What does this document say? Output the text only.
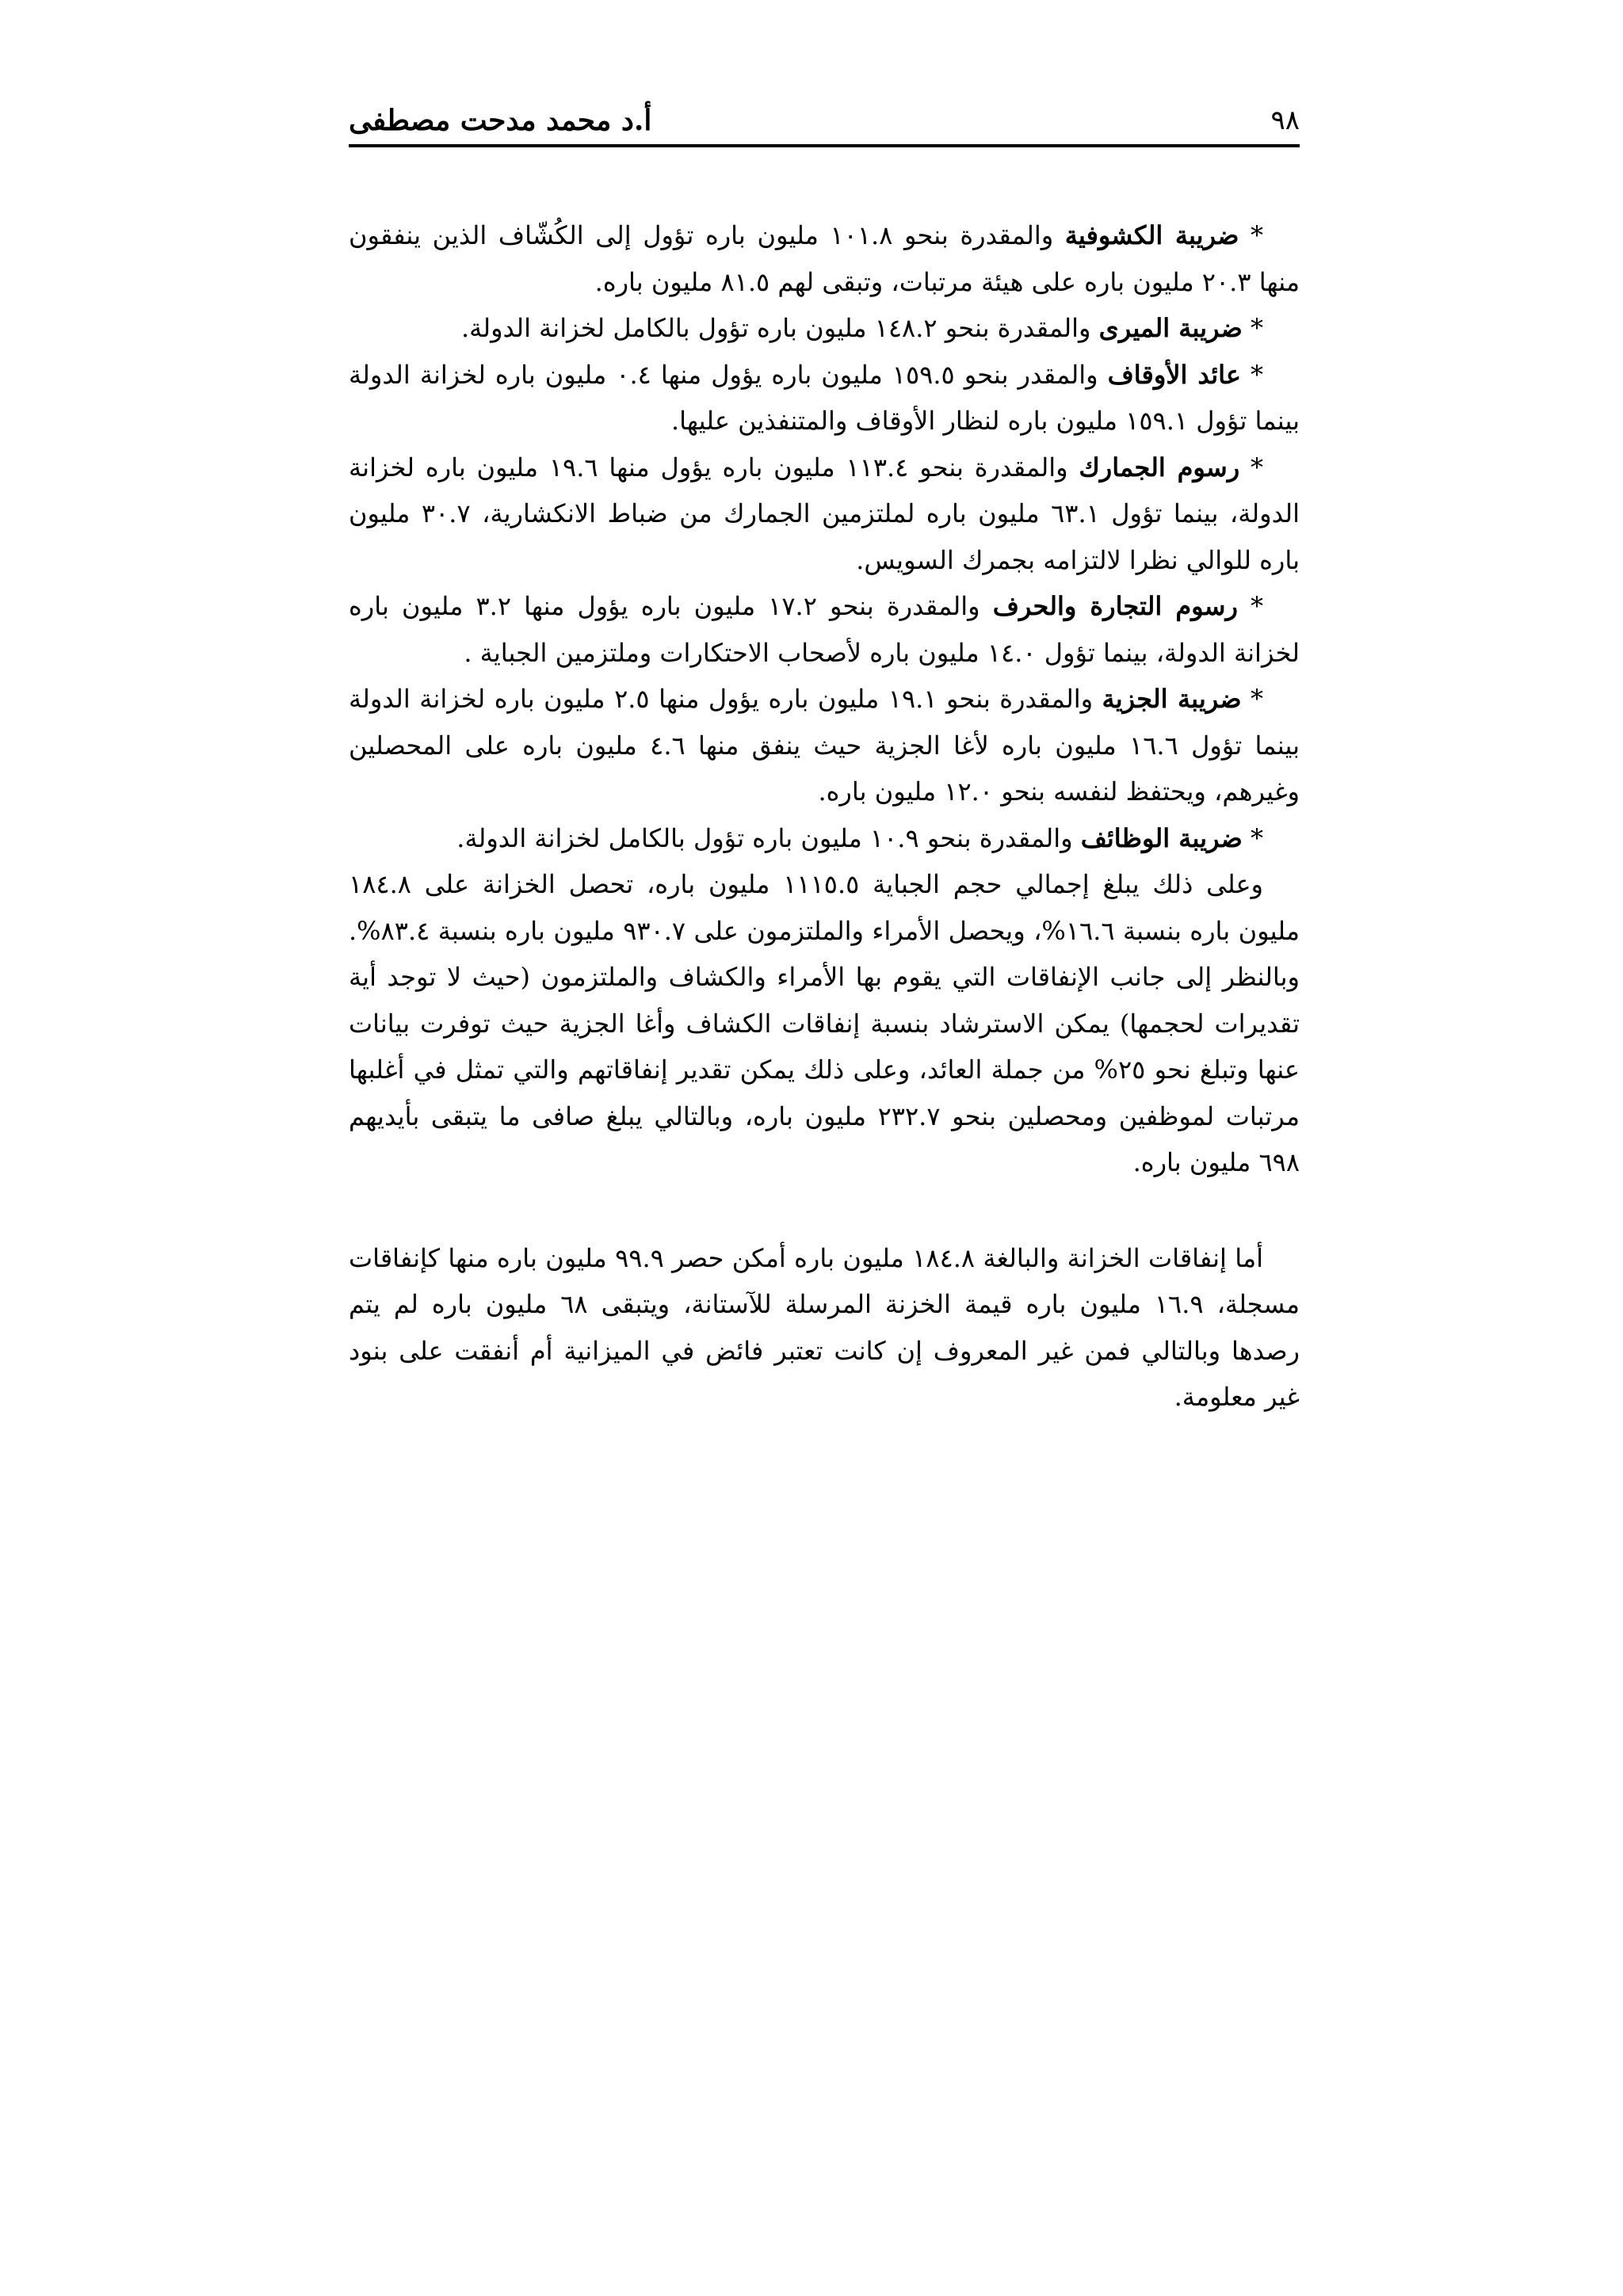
٩٨
أ.د محمد مدحت مصطفى

* ضريبة الكشوفية والمقدرة بنحو ١٠١.٨ مليون باره تؤول إلى الكُشّاف الذين ينفقون منها ٢٠.٣ مليون باره على هيئة مرتبات، وتبقى لهم ٨١.٥ مليون باره.

* ضريبة الميرى والمقدرة بنحو ١٤٨.٢ مليون باره تؤول بالكامل لخزانة الدولة.

* عائد الأوقاف والمقدر بنحو ١٥٩.٥ مليون باره يؤول منها ٠.٤ مليون باره لخزانة الدولة بينما تؤول ١٥٩.١ مليون باره لنظار الأوقاف والمتنفذين عليها.

* رسوم الجمارك والمقدرة بنحو ١١٣.٤ مليون باره يؤول منها ١٩.٦ مليون باره لخزانة الدولة، بينما تؤول ٦٣.١ مليون باره لملتزمين الجمارك من ضباط الانكشارية، ٣٠.٧ مليون باره للوالي نظرا لالتزامه بجمرك السويس.

* رسوم التجارة والحرف والمقدرة بنحو ١٧.٢ مليون باره يؤول منها ٣.٢ مليون باره لخزانة الدولة، بينما تؤول ١٤.٠ مليون باره لأصحاب الاحتكارات وملتزمين الجباية .

* ضريبة الجزية والمقدرة بنحو ١٩.١ مليون باره يؤول منها ٢.٥ مليون باره لخزانة الدولة بينما تؤول ١٦.٦ مليون باره لأغا الجزية حيث ينفق منها ٤.٦ مليون باره على المحصلين وغيرهم، ويحتفظ لنفسه بنحو ١٢.٠ مليون باره.

* ضريبة الوظائف والمقدرة بنحو ١٠.٩ مليون باره تؤول بالكامل لخزانة الدولة.

وعلى ذلك يبلغ إجمالي حجم الجباية ١١١٥.٥ مليون باره، تحصل الخزانة على ١٨٤.٨ مليون باره بنسبة ١٦.٦%، ويحصل الأمراء والملتزمون على ٩٣٠.٧ مليون باره بنسبة ٨٣.٤%. وبالنظر إلى جانب الإنفاقات التي يقوم بها الأمراء والكشاف والملتزمون (حيث لا توجد أية تقديرات لحجمها) يمكن الاسترشاد بنسبة إنفاقات الكشاف وأغا الجزية حيث توفرت بيانات عنها وتبلغ نحو ٢٥% من جملة العائد، وعلى ذلك يمكن تقدير إنفاقاتهم والتي تمثل في أغلبها مرتبات لموظفين ومحصلين بنحو ٢٣٢.٧ مليون باره، وبالتالي يبلغ صافى ما يتبقى بأيديهم ٦٩٨ مليون باره.

أما إنفاقات الخزانة والبالغة ١٨٤.٨ مليون باره أمكن حصر ٩٩.٩ مليون باره منها كإنفاقات مسجلة، ١٦.٩ مليون باره قيمة الخزنة المرسلة للآستانة، ويتبقى ٦٨ مليون باره لم يتم رصدها وبالتالي فمن غير المعروف إن كانت تعتبر فائض في الميزانية أم أنفقت على بنود غير معلومة.
